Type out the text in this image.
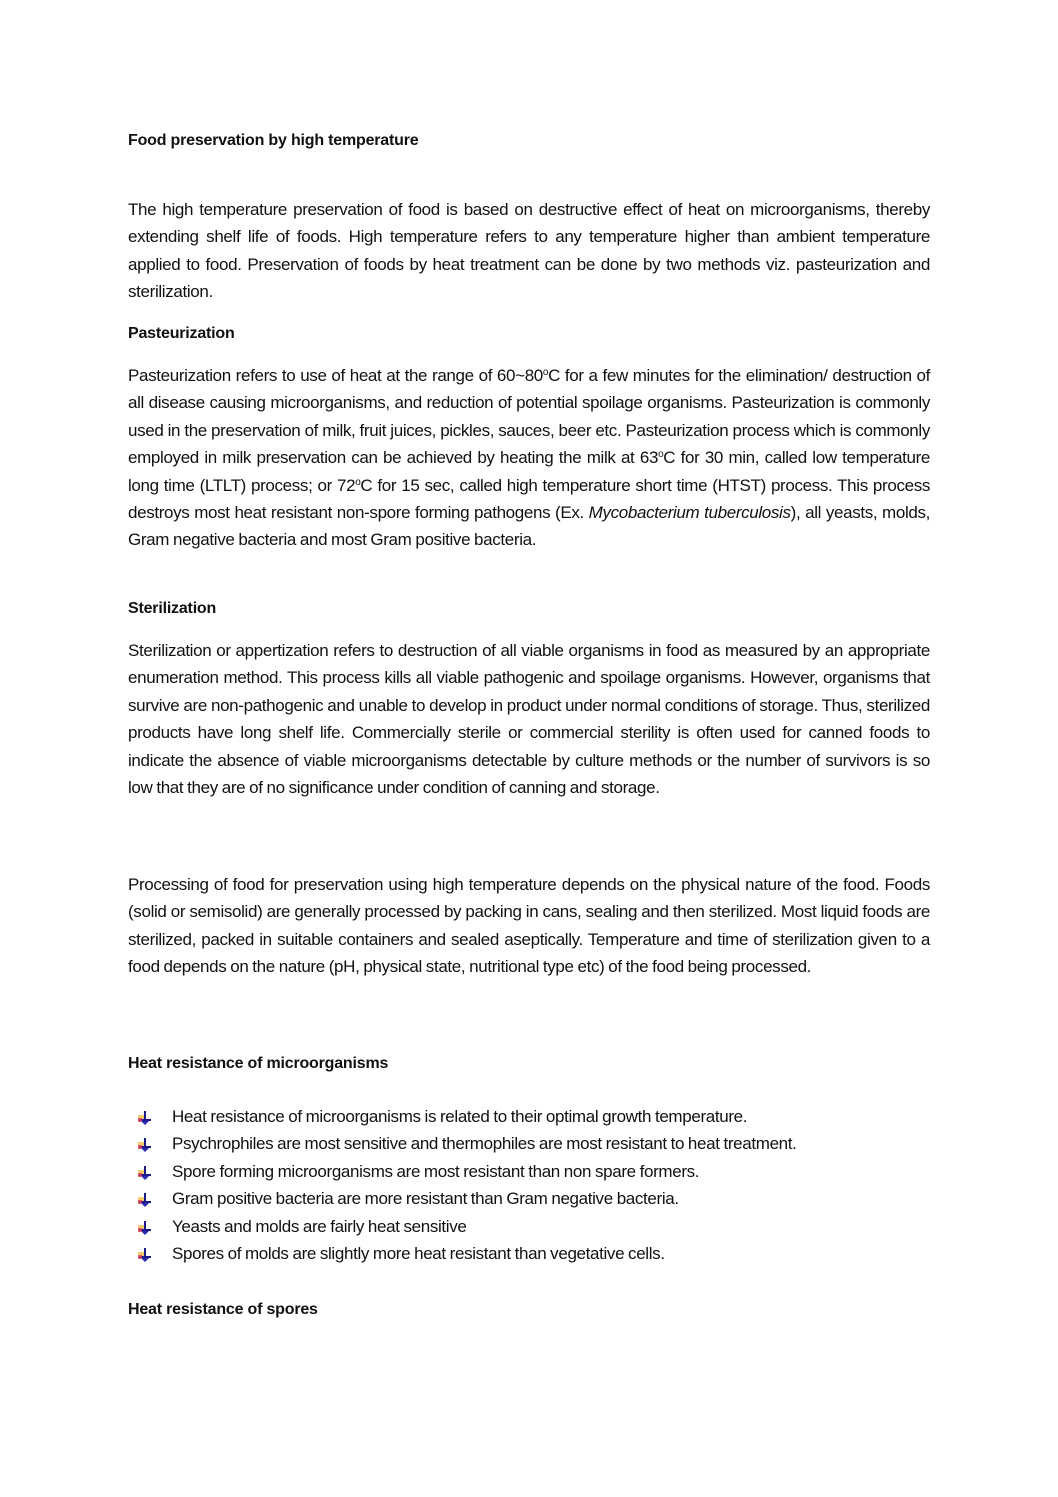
Food preservation by high temperature
The high temperature preservation of food is based on destructive effect of heat on microorganisms, thereby extending shelf life of foods. High temperature refers to any temperature higher than ambient temperature applied to food. Preservation of foods by heat treatment can be done by two methods viz. pasteurization and sterilization.
Pasteurization
Pasteurization refers to use of heat at the range of 60~80$^o$C for a few minutes for the elimination/ destruction of all disease causing microorganisms, and reduction of potential spoilage organisms. Pasteurization is commonly used in the preservation of milk, fruit juices, pickles, sauces, beer etc. Pasteurization process which is commonly employed in milk preservation can be achieved by heating the milk at 63$^o$C for 30 min, called low temperature long time (LTLT) process; or 72$^o$C for 15 sec, called high temperature short time (HTST) process. This process destroys most heat resistant non-spore forming pathogens (Ex. Mycobacterium tuberculosis), all yeasts, molds, Gram negative bacteria and most Gram positive bacteria.
Sterilization
Sterilization or appertization refers to destruction of all viable organisms in food as measured by an appropriate enumeration method. This process kills all viable pathogenic and spoilage organisms. However, organisms that survive are non-pathogenic and unable to develop in product under normal conditions of storage. Thus, sterilized products have long shelf life. Commercially sterile or commercial sterility is often used for canned foods to indicate the absence of viable microorganisms detectable by culture methods or the number of survivors is so low that they are of no significance under condition of canning and storage.
Processing of food for preservation using high temperature depends on the physical nature of the food. Foods (solid or semisolid) are generally processed by packing in cans, sealing and then sterilized. Most liquid foods are sterilized, packed in suitable containers and sealed aseptically. Temperature and time of sterilization given to a food depends on the nature (pH, physical state, nutritional type etc) of the food being processed.
Heat resistance of microorganisms
Heat resistance of microorganisms is related to their optimal growth temperature.
Psychrophiles are most sensitive and thermophiles are most resistant to heat treatment.
Spore forming microorganisms are most resistant than non spare formers.
Gram positive bacteria are more resistant than Gram negative bacteria.
Yeasts and molds are fairly heat sensitive
Spores of molds are slightly more heat resistant than vegetative cells.
Heat resistance of spores
